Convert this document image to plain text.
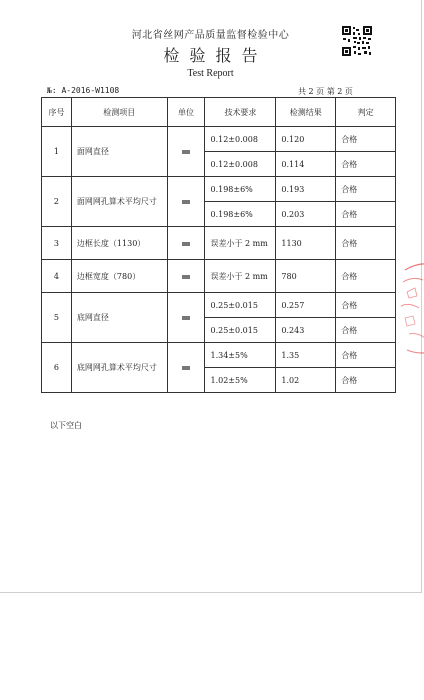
河北省丝网产品质量监督检验中心
检验报告
Test Report
№: A-2016-W1108	共 2 页 第 2 页
序号	检测项目	单位	技术要求	检测结果	判定
1	面网直径		0.12±0.008	0.120	合格
			0.12±0.008	0.114	合格
2	面网网孔算术平均尺寸		0.198±6%	0.193	合格
			0.198±6%	0.203	合格
3	边框长度（1130）		误差小于 2 mm	1130	合格
4	边框宽度（780）		误差小于 2 mm	780	合格
5	底网直径		0.25±0.015	0.257	合格
			0.25±0.015	0.243	合格
6	底网网孔算术平均尺寸		1.34±5%	1.35	合格
			1.02±5%	1.02	合格
以下空白
